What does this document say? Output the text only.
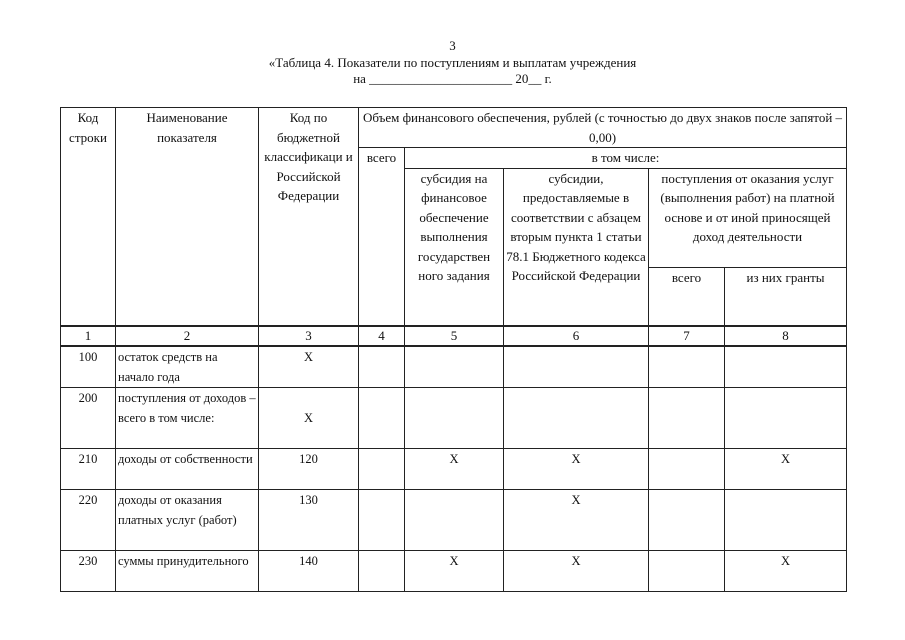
3
«Таблица 4. Показатели по поступлениям и выплатам учреждения
на ______________________ 20__ г.
Код строки	Наименование показателя	Код по бюджетной классификаци и Российской Федерации	Объем финансового обеспечения, рублей (с точностью до двух знаков после запятой – 0,00)				
			всего	в том числе:			
				субсидия на финансовое обеспечение выполнения государствен ного задания	субсидии, предоставляемые в соответствии с абзацем вторым пункта 1 статьи 78.1 Бюджетного кодекса Российской Федерации	поступления от оказания услуг (выполнения работ) на платной основе и от иной приносящей доход деятельности	
						всего	из них гранты
1	2	3	4	5	6	7	8
100	остаток средств на начало года	X					
200	поступления от доходов – всего в том числе:	X					
210	доходы от собственности	120		X	X		X
220	доходы от оказания платных услуг (работ)	130			X		
230	суммы принудительного	140		X	X		X
